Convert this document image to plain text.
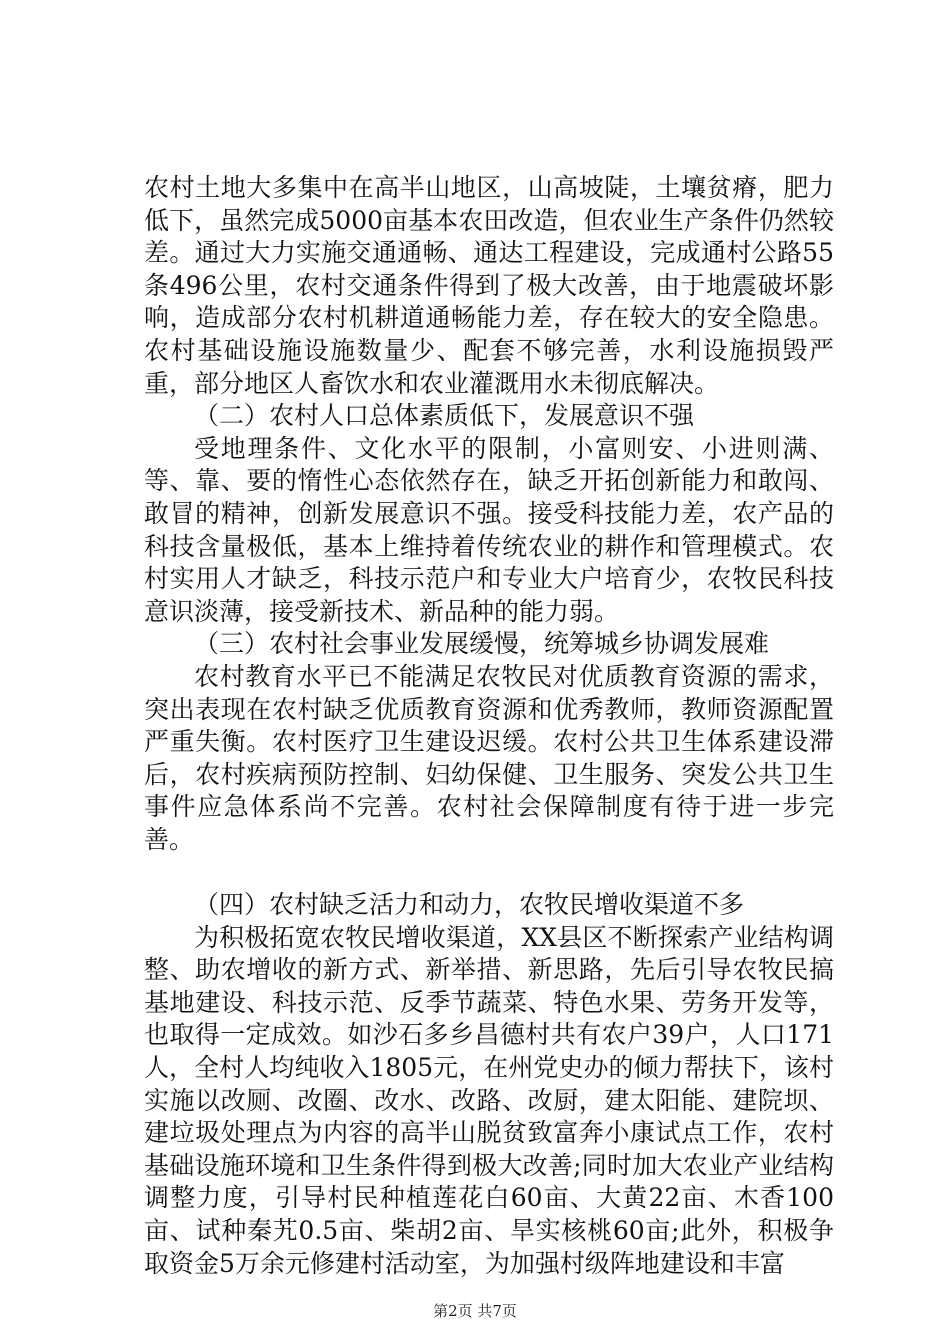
农村土地大多集中在高半山地区，山高坡陡，土壤贫瘠，肥力低下，虽然完成5000亩基本农田改造，但农业生产条件仍然较差。通过大力实施交通通畅、通达工程建设，完成通村公路55条496公里，农村交通条件得到了极大改善，由于地震破坏影响，造成部分农村机耕道通畅能力差，存在较大的安全隐患。农村基础设施设施数量少、配套不够完善，水利设施损毁严重，部分地区人畜饮水和农业灌溉用水未彻底解决。

（二）农村人口总体素质低下，发展意识不强

受地理条件、文化水平的限制，小富则安、小进则满、等、靠、要的惰性心态依然存在，缺乏开拓创新能力和敢闯、敢冒的精神，创新发展意识不强。接受科技能力差，农产品的科技含量极低，基本上维持着传统农业的耕作和管理模式。农村实用人才缺乏，科技示范户和专业大户培育少，农牧民科技意识淡薄，接受新技术、新品种的能力弱。

（三）农村社会事业发展缓慢，统筹城乡协调发展难

农村教育水平已不能满足农牧民对优质教育资源的需求，突出表现在农村缺乏优质教育资源和优秀教师，教师资源配置严重失衡。农村医疗卫生建设迟缓。农村公共卫生体系建设滞后，农村疾病预防控制、妇幼保健、卫生服务、突发公共卫生事件应急体系尚不完善。农村社会保障制度有待于进一步完善。

（四）农村缺乏活力和动力，农牧民增收渠道不多

为积极拓宽农牧民增收渠道，XX县区不断探索产业结构调整、助农增收的新方式、新举措、新思路，先后引导农牧民搞基地建设、科技示范、反季节蔬菜、特色水果、劳务开发等，也取得一定成效。如沙石多乡昌德村共有农户39户，人口171人，全村人均纯收入1805元，在州党史办的倾力帮扶下，该村实施以改厕、改圈、改水、改路、改厨，建太阳能、建院坝、建垃圾处理点为内容的高半山脱贫致富奔小康试点工作，农村基础设施环境和卫生条件得到极大改善;同时加大农业产业结构调整力度，引导村民种植莲花白60亩、大黄22亩、木香100亩、试种秦艽0.5亩、柴胡2亩、旱实核桃60亩;此外，积极争取资金5万余元修建村活动室，为加强村级阵地建设和丰富

第2页 共7页
